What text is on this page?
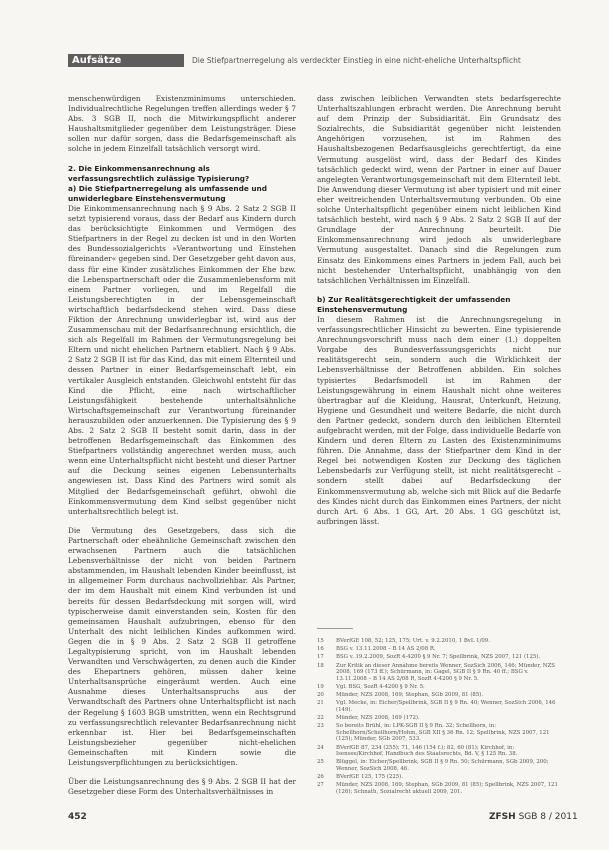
Aufsätze	Die Stiefpartnerregelung als verdeckter Einstieg in eine nicht-eheliche Unterhaltspflicht

menschenwürdigen Existenzminimums unterschieden. Individualrechtliche Regelungen treffen allerdings weder § 7 Abs. 3 SGB II, noch die Mitwirkungspflicht anderer Haushaltsmitglieder gegenüber dem Leistungsträger. Diese sollen nur dafür sorgen, dass die Bedarfsgemeinschaft als solche in jedem Einzelfall tatsächlich versorgt wird.

2. Die Einkommensanrechnung als verfassungsrechtlich zulässige Typisierung?

a) Die Stiefpartnerregelung als umfassende und unwiderlegbare Einstehensvermutung

Die Einkommensanrechnung nach § 9 Abs. 2 Satz 2 SGB II setzt typisierend voraus, dass der Bedarf aus Kindern durch das berücksichtigte Einkommen und Vermögen des Stiefpartners in der Regel zu decken ist und in den Worten des Bundessozialgerichts »Verantwortung und Einstehen füreinander« gegeben sind. Der Gesetzgeber geht davon aus, dass für eine Kinder zusätzliches Einkommen der Ehe bzw. die Lebenspartnerschaft oder die Zusammenlebensform mit einem Partner vorliegen, und im Regelfall die Leistungsberechtigten in der Lebensgemeinschaft wirtschaftlich bedarfsdeckend stehen wird. Dass diese Fiktion der Anrechnung unwiderlegbar ist, wird aus der Zusammenschau mit der Bedarfsanrechnung ersichtlich, die sich als Regelfall im Rahmen der Vermutungsregelung bei Eltern und nicht ehelichen Partnern etabliert. Nach § 9 Abs. 2 Satz 2 SGB II ist für das Kind, das mit einem Elternteil und dessen Partner in einer Bedarfsgemeinschaft lebt, ein vertikaler Ausgleich entstanden. Gleichwohl entsteht für das Kind die Pflicht, eine nach wirtschaftlicher Leistungsfähigkeit bestehende unterhaltsähnliche Wirtschaftsgemeinschaft zur Verantwortung füreinander herauszubilden oder anzuerkennen. Die Typisierung des § 9 Abs. 2 Satz 2 SGB II besteht somit darin, dass in der betroffenen Bedarfsgemeinschaft das Einkommen des Stiefpartners vollständig angerechnet werden muss, auch wenn eine Unterhaltspflicht nicht besteht und dieser Partner auf die Deckung seines eigenen Lebensunterhalts angewiesen ist. Dass Kind des Partners wird somit als Mitglied der Bedarfsgemeinschaft geführt, obwohl die Einkommensvermutung dem Kind selbst gegenüber nicht unterhaltsrechtlich belegt ist.

Die Vermutung des Gesetzgebers, dass sich die Partnerschaft oder eheähnliche Gemeinschaft zwischen den erwachsenen Partnern auch die tatsächlichen Lebensverhältnisse der nicht von beiden Partnern abstammenden, im Haushalt lebenden Kinder beeinflusst, ist in allgemeiner Form durchaus nachvollziehbar. Als Partner, der im dem Haushalt mit einem Kind verbunden ist und bereits für dessen Bedarfsdeckung mit sorgen will, wird typischerweise damit einverstanden sein, Kosten für den gemeinsamen Haushalt aufzubringen, ebenso für den Unterhalt des nicht leiblichen Kindes aufkommen wird. Gegen die in § 9 Abs. 2 Satz 2 SGB II getroffene Legaltypisierung spricht, von im Haushalt lebenden Verwandten und Verschwägerten, zu denen auch die Kinder des Ehepartners gehören, müssen daher keine Unterhaltsansprüche eingeräumt werden. Auch eine Ausnahme dieses Unterhaltsanspruchs aus der Verwandtschaft des Partners ohne Unterhaltspflicht ist nach der Regelung § 1603 BGB umstritten, wenn ein Rechtsgrund zu verfassungsrechtlich relevanter Bedarfsanrechnung nicht erkennbar ist. Hier bei Bedarfsgemeinschaften Leistungsbezieher gegenüber nicht-ehelichen Gemeinschaften mit Kindern sowie die Leistungsverpflichtungen zu berücksichtigen.

Über die Leistungsanrechnung des § 9 Abs. 2 SGB II hat der Gesetzgeber diese Form des Unterhaltsverhältnisses in

dass zwischen leiblichen Verwandten stets bedarfsgerechte Unterhaltszahlungen erbracht werden. Die Anrechnung beruht auf dem Prinzip der Subsidiarität. Ein Grundsatz des Sozialrechts, die Subsidiarität gegenüber nicht leistenden Angehörigen vorzusehen, ist im Rahmen des Haushaltsbezogenen Bedarfsausgleichs gerechtfertigt, da eine Vermutung ausgelöst wird, dass der Bedarf des Kindes tatsächlich gedeckt wird, wenn der Partner in einer auf Dauer angelegten Verantwortungsgemeinschaft mit dem Elternteil lebt. Die Anwendung dieser Vermutung ist aber typisiert und mit einer eher weitreichenden Unterhaltsvermutung verbunden. Ob eine solche Unterhaltspflicht gegenüber einem nicht leiblichen Kind tatsächlich besteht, wird nach § 9 Abs. 2 Satz 2 SGB II auf der Grundlage der Anrechnung beurteilt. Die Einkommensanrechnung wird jedoch als unwiderlegbare Vermutung ausgestaltet. Danach sind die Regelungen zum Einsatz des Einkommens eines Partners in jedem Fall, auch bei nicht bestehender Unterhaltspflicht, unabhängig von den tatsächlichen Verhältnissen im Einzelfall.

b) Zur Realitätsgerechtigkeit der umfassenden Einstehensvermutung

In diesem Rahmen ist die Anrechnungsregelung in verfassungsrechtlicher Hinsicht zu bewerten. Eine typisierende Anrechnungsvorschrift muss nach dem einer (1.) doppelten Vorgabe des Bundesverfassungsgerichts nicht nur realitätsgerecht sein, sondern auch die Wirklichkeit der Lebensverhältnisse der Betroffenen abbilden. Ein solches typisiertes Bedarfsmodell ist im Rahmen der Leistungsgewährung in einem Haushalt nicht ohne weiteres übertragbar auf die Kleidung, Hausrat, Unterkunft, Heizung, Hygiene und Gesundheit und weitere Bedarfe, die nicht durch den Partner gedeckt, sondern durch den leiblichen Elternteil aufgebracht werden, mit der Folge, dass individuelle Bedarfe von Kindern und deren Eltern zu Lasten des Existenzminimums führen. Die Annahme, dass der Stiefpartner dem Kind in der Regel bei notwendigen Kosten zur Deckung des täglichen Lebensbedarfs zur Verfügung stellt, ist nicht realitätsgerecht – sondern stellt dabei auf Bedarfsdeckung der Einkommensvermutung ab, welche sich mit Blick auf die Bedarfe des Kindes nicht durch das Einkommen eines Partners, der nicht durch Art. 6 Abs. 1 GG, Art. 20 Abs. 1 GG geschützt ist, aufbringen lässt.

15 BVerfGE 108, 52; 125, 175; Urt. v. 9.2.2010, 1 BvL 1/09.
16 BSG v. 13.11.2008 – B 14 AS 2/08 R.
17 BSG v. 19.2.2009, SozR 4-4200 § 9 Nr. 7; Spellbrink, NZS 2007, 121 (125).
18 Zur Kritik an dieser Annahme bereits Wenner, SozSich 2006, 146; Münder, NZS 2008, 169 (173 ff.); Schürmann, in: Gagel, SGB II § 9 Rn. 40 ff.; BSG v. 13.11.2008 – B 14 AS 2/08 R, SozR 4-4200 § 9 Nr. 5.
19 Vgl. BSG, SozR 4-4200 § 9 Nr. 5.
20 Münder, NZS 2008, 169; Stephan, SGb 2009, 81 (85).
21 Vgl. Mecke, in: Eicher/Spellbrink, SGB II § 9 Rn. 40; Wenner, SozSich 2006, 146 (149).
22 Münder, NZS 2008, 169 (172).
23 So bereits Brühl, in: LPK-SGB II § 9 Rn. 32; Schellhorn, in: Schellhorn/Schellhorn/Hohm, SGB XII § 36 Rn. 12; Spellbrink, NZS 2007, 121 (125); Münder, SGb 2007, 533.
24 BVerfGE 87, 234 (255); 71, 146 (154 f.); 82, 60 (81); Kirchhof, in: Isensee/Kirchhof, Handbuch des Staatsrechts, Bd. V, § 125 Rn. 38.
25 Blüggel, in: Eicher/Spellbrink, SGB II § 9 Rn. 50; Schürmann, SGb 2009, 200; Wenner, SozSich 2008, 46.
26 BVerfGE 125, 175 (225).
27 Münder, NZS 2008, 169; Stephan, SGb 2009, 81 (85); Spellbrink, NZS 2007, 121 (126); Schnath, Sozialrecht aktuell 2009, 201.
452	ZFSH SGB 8 / 2011
